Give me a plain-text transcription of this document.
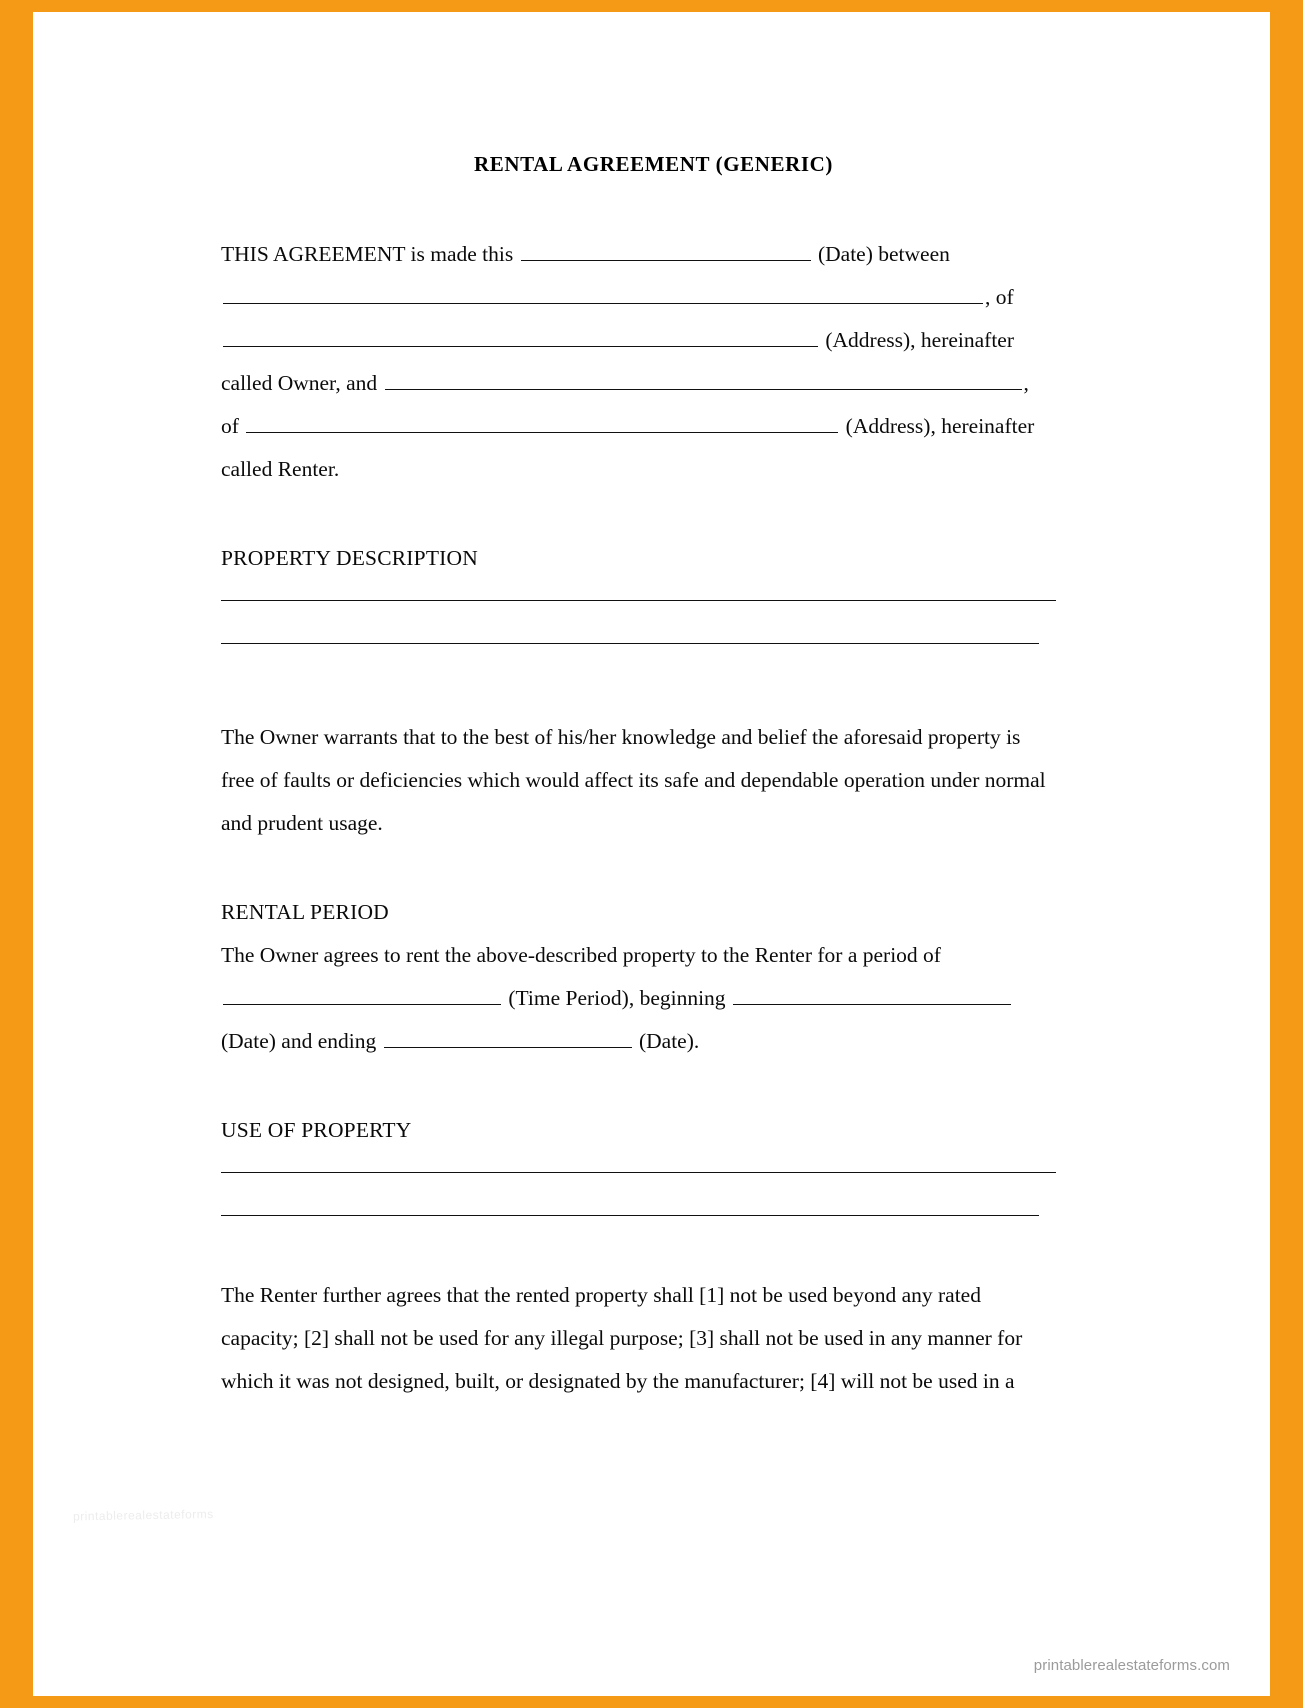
RENTAL AGREEMENT (GENERIC)

THIS AGREEMENT is made this	(Date) between

, of

(Address), hereinafter

called Owner, and	,

of	(Address), hereinafter

called Renter.

PROPERTY DESCRIPTION

The Owner warrants that to the best of his/her knowledge and belief the aforesaid property is free of faults or deficiencies which would affect its safe and dependable operation under normal and prudent usage.

RENTAL PERIOD

The Owner agrees to rent the above-described property to the Renter for a period of

(Time Period), beginning

(Date) and ending	(Date).

USE OF PROPERTY

The Renter further agrees that the rented property shall [1] not be used beyond any rated capacity; [2] shall not be used for any illegal purpose; [3] shall not be used in any manner for which it was not designed, built, or designated by the manufacturer; [4] will not be used in a

printablerealestateforms
printablerealestateforms.com
